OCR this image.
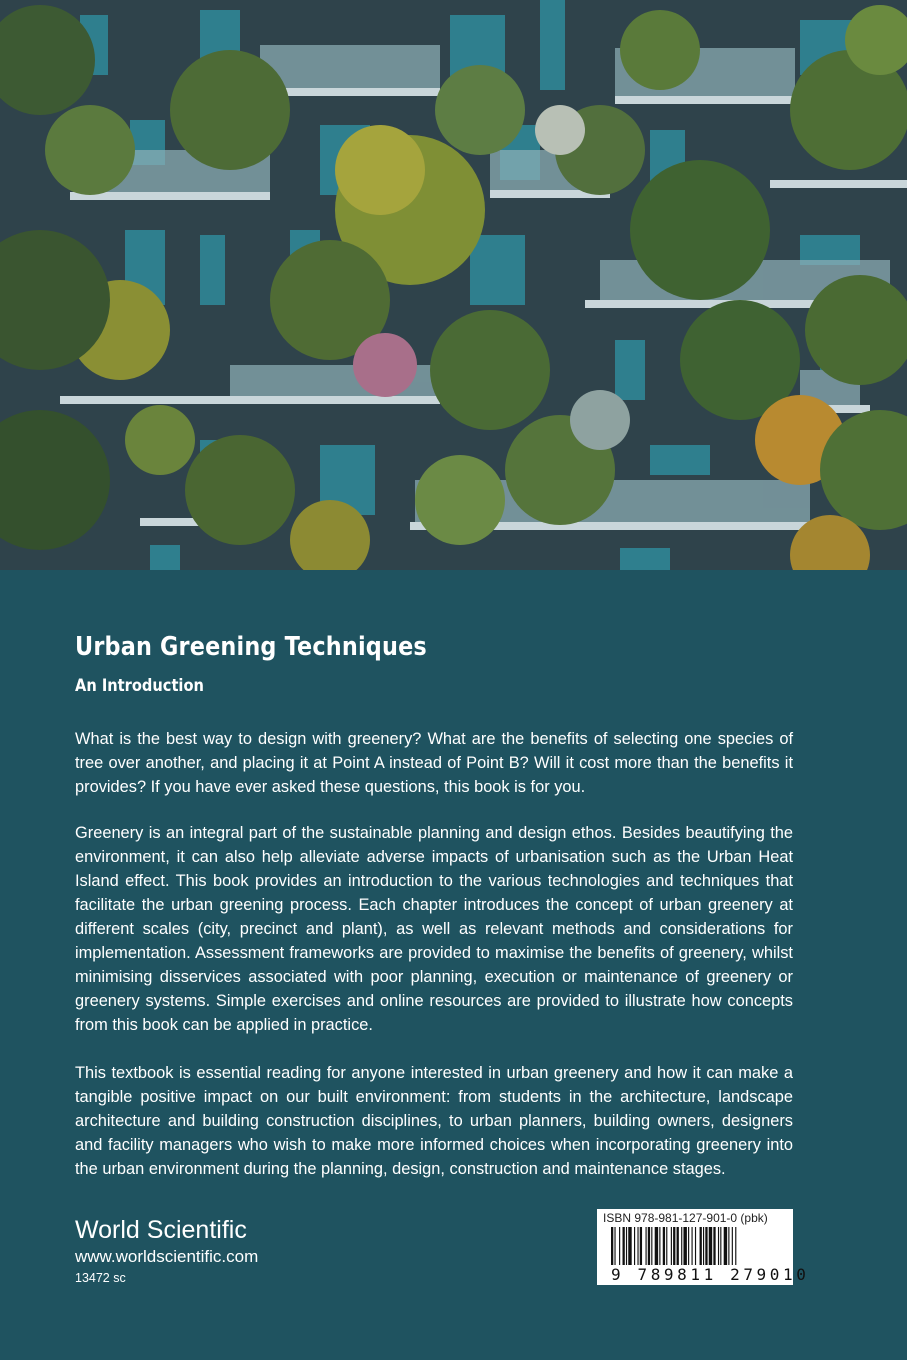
Urban Greening Techniques
An Introduction

What is the best way to design with greenery? What are the benefits of selecting one species of tree over another, and placing it at Point A instead of Point B? Will it cost more than the benefits it provides? If you have ever asked these questions, this book is for you.

Greenery is an integral part of the sustainable planning and design ethos. Besides beautifying the environment, it can also help alleviate adverse impacts of urbanisation such as the Urban Heat Island effect. This book provides an introduction to the various technologies and techniques that facilitate the urban greening process. Each chapter introduces the concept of urban greenery at different scales (city, precinct and plant), as well as relevant methods and considerations for implementation. Assessment frameworks are provided to maximise the benefits of greenery, whilst minimising disservices associated with poor planning, execution or maintenance of greenery or greenery systems. Simple exercises and online resources are provided to illustrate how concepts from this book can be applied in practice.

This textbook is essential reading for anyone interested in urban greenery and how it can make a tangible positive impact on our built environment: from students in the architecture, landscape architecture and building construction disciplines, to urban planners, building owners, designers and facility managers who wish to make more informed choices when incorporating greenery into the urban environment during the planning, design, construction and maintenance stages.

World Scientific
www.worldscientific.com
13472 sc
ISBN 978-981-127-901-0 (pbk)
9 789811 279010
